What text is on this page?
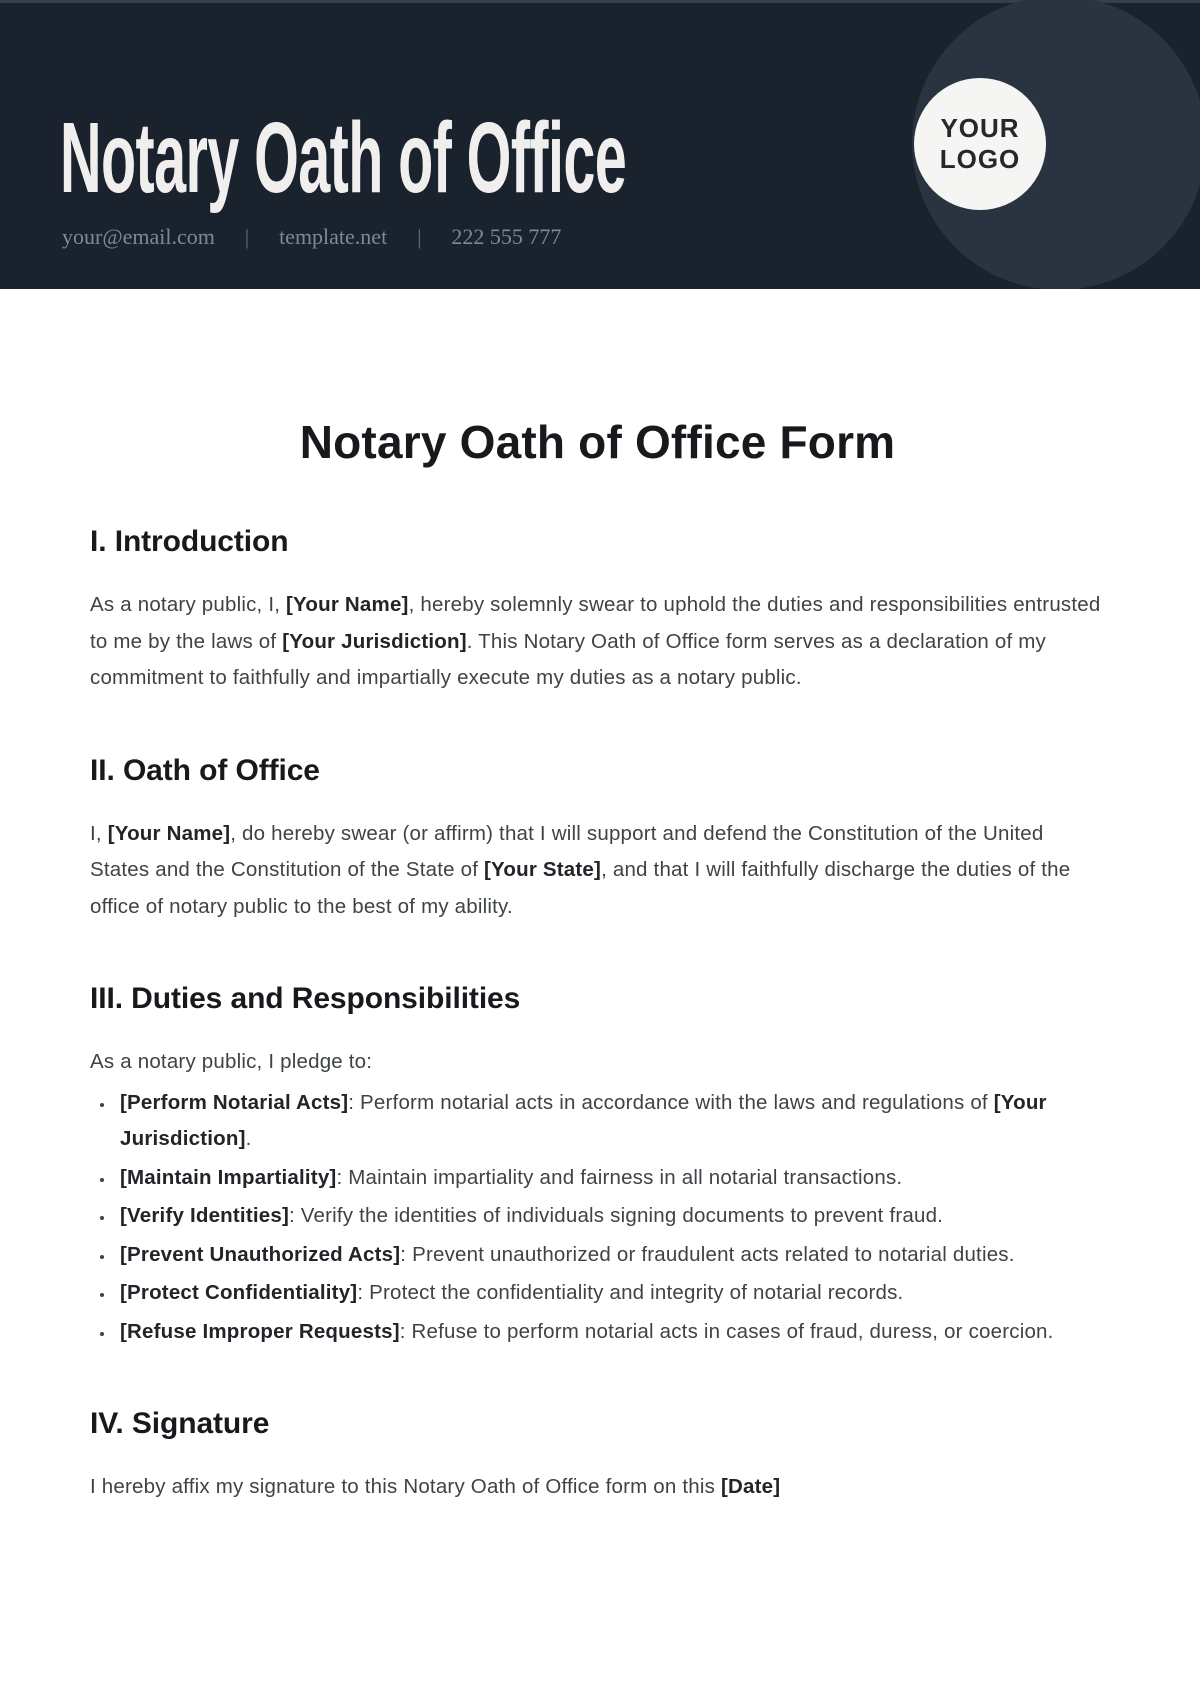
Notary Oath of Office
your@email.com | template.net | 222 555 777
YOUR
LOGO
Notary Oath of Office Form
I. Introduction

As a notary public, I, [Your Name], hereby solemnly swear to uphold the duties and responsibilities entrusted to me by the laws of [Your Jurisdiction]. This Notary Oath of Office form serves as a declaration of my commitment to faithfully and impartially execute my duties as a notary public.

II. Oath of Office

I, [Your Name], do hereby swear (or affirm) that I will support and defend the Constitution of the United States and the Constitution of the State of [Your State], and that I will faithfully discharge the duties of the office of notary public to the best of my ability.

III. Duties and Responsibilities

As a notary public, I pledge to:

• [Perform Notarial Acts]: Perform notarial acts in accordance with the laws and regulations of [Your Jurisdiction].
• [Maintain Impartiality]: Maintain impartiality and fairness in all notarial transactions.
• [Verify Identities]: Verify the identities of individuals signing documents to prevent fraud.
• [Prevent Unauthorized Acts]: Prevent unauthorized or fraudulent acts related to notarial duties.
• [Protect Confidentiality]: Protect the confidentiality and integrity of notarial records.
• [Refuse Improper Requests]: Refuse to perform notarial acts in cases of fraud, duress, or coercion.
IV. Signature

I hereby affix my signature to this Notary Oath of Office form on this [Date]
